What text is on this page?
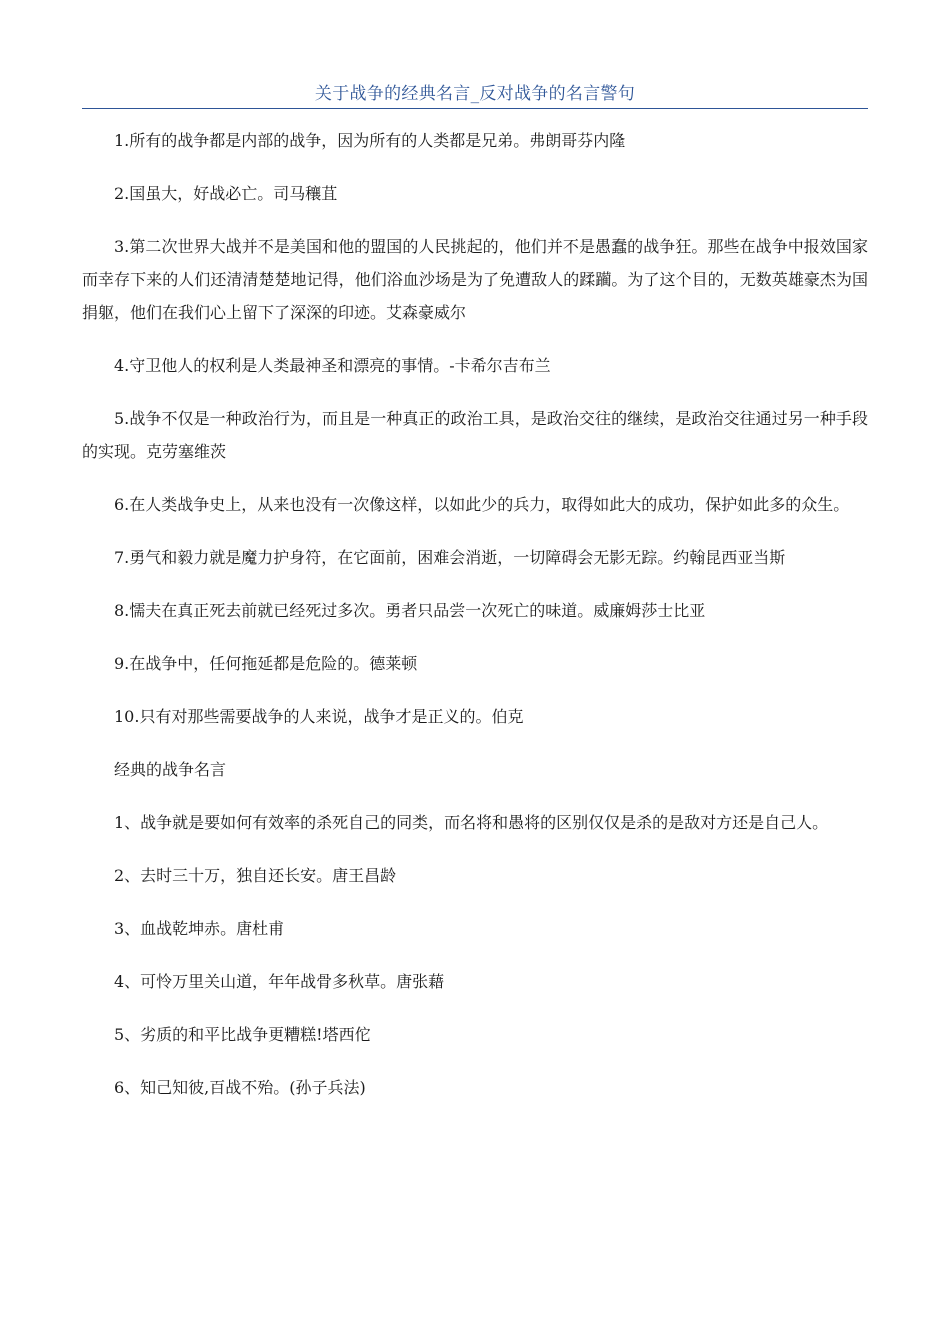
关于战争的经典名言_反对战争的名言警句

1.所有的战争都是内部的战争，因为所有的人类都是兄弟。弗朗哥芬内隆

2.国虽大，好战必亡。司马穰苴

3.第二次世界大战并不是美国和他的盟国的人民挑起的，他们并不是愚蠢的战争狂。那些在战争中报效国家而幸存下来的人们还清清楚楚地记得，他们浴血沙场是为了免遭敌人的蹂躏。为了这个目的，无数英雄豪杰为国捐躯，他们在我们心上留下了深深的印迹。艾森豪威尔

4.守卫他人的权利是人类最神圣和漂亮的事情。-卡希尔吉布兰

5.战争不仅是一种政治行为，而且是一种真正的政治工具，是政治交往的继续，是政治交往通过另一种手段的实现。克劳塞维茨

6.在人类战争史上，从来也没有一次像这样，以如此少的兵力，取得如此大的成功，保护如此多的众生。

7.勇气和毅力就是魔力护身符，在它面前，困难会消逝，一切障碍会无影无踪。约翰昆西亚当斯

8.懦夫在真正死去前就已经死过多次。勇者只品尝一次死亡的味道。威廉姆莎士比亚

9.在战争中，任何拖延都是危险的。德莱顿

10.只有对那些需要战争的人来说，战争才是正义的。伯克

经典的战争名言

1、战争就是要如何有效率的杀死自己的同类，而名将和愚将的区别仅仅是杀的是敌对方还是自己人。

2、去时三十万，独自还长安。唐王昌龄

3、血战乾坤赤。唐杜甫

4、可怜万里关山道，年年战骨多秋草。唐张藉

5、劣质的和平比战争更糟糕!塔西佗

6、知己知彼,百战不殆。(孙子兵法)
